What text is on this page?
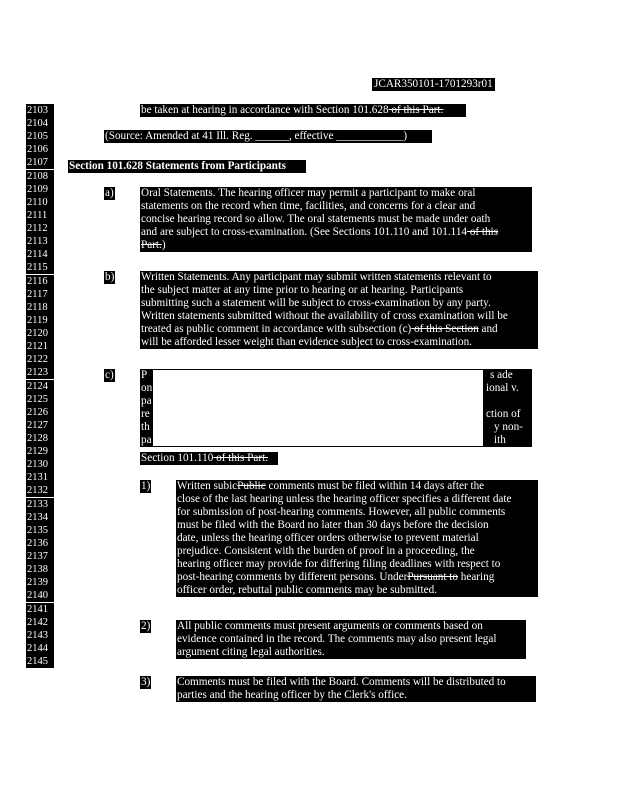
JCAR350101-1701293r01
2103
2104
2105
2106
2107
2108
2109
2110
2111
2112
2113
2114
2115
2116
2117
2118
2119
2120
2121
2122
2123
2124
2125
2126
2127
2128
2129
2130
2131
2132
2133
2134
2135
2136
2137
2138
2139
2140
2141
2142
2143
2144
2145
be taken at hearing in accordance with Section 101.628 of this Part.
(Source: Amended at 41 Ill. Reg. ______, effective ____________)
Section 101.628 Statements from Participants
a) Oral Statements. The hearing officer may permit a participant to make oral
statements on the record when time, facilities, and concerns for a clear and
concise hearing record so allow. The oral statements must be made under oath
and are subject to cross-examination. (See Sections 101.110 and 101.114 of this
Part.)
b) Written Statements. Any participant may submit written statements relevant to
the subject matter at any time prior to hearing or at hearing. Participants
submitting such a statement will be subject to cross-examination by any party.
Written statements submitted without the availability of cross examination will be
treated as public comment in accordance with subsection (c) of this Section and
will be afforded lesser weight than evidence subject to cross-examination.
c) P	s ade
on	ional v.
pa
re	ction of
th	y non-
pa	ith
Section 101.110 of this Part.
1) Written subicPublic comments must be filed within 14 days after the
close of the last hearing unless the hearing officer specifies a different date
for submission of post-hearing comments. However, all public comments
must be filed with the Board no later than 30 days before the decision
date, unless the hearing officer orders otherwise to prevent material
prejudice. Consistent with the burden of proof in a proceeding, the
hearing officer may provide for differing filing deadlines with respect to
post-hearing comments by different persons. UnderPursuant to hearing
officer order, rebuttal public comments may be submitted.
2) All public comments must present arguments or comments based on
evidence contained in the record. The comments may also present legal
argument citing legal authorities.
3) Comments must be filed with the Board. Comments will be distributed to
parties and the hearing officer by the Clerk's office.
